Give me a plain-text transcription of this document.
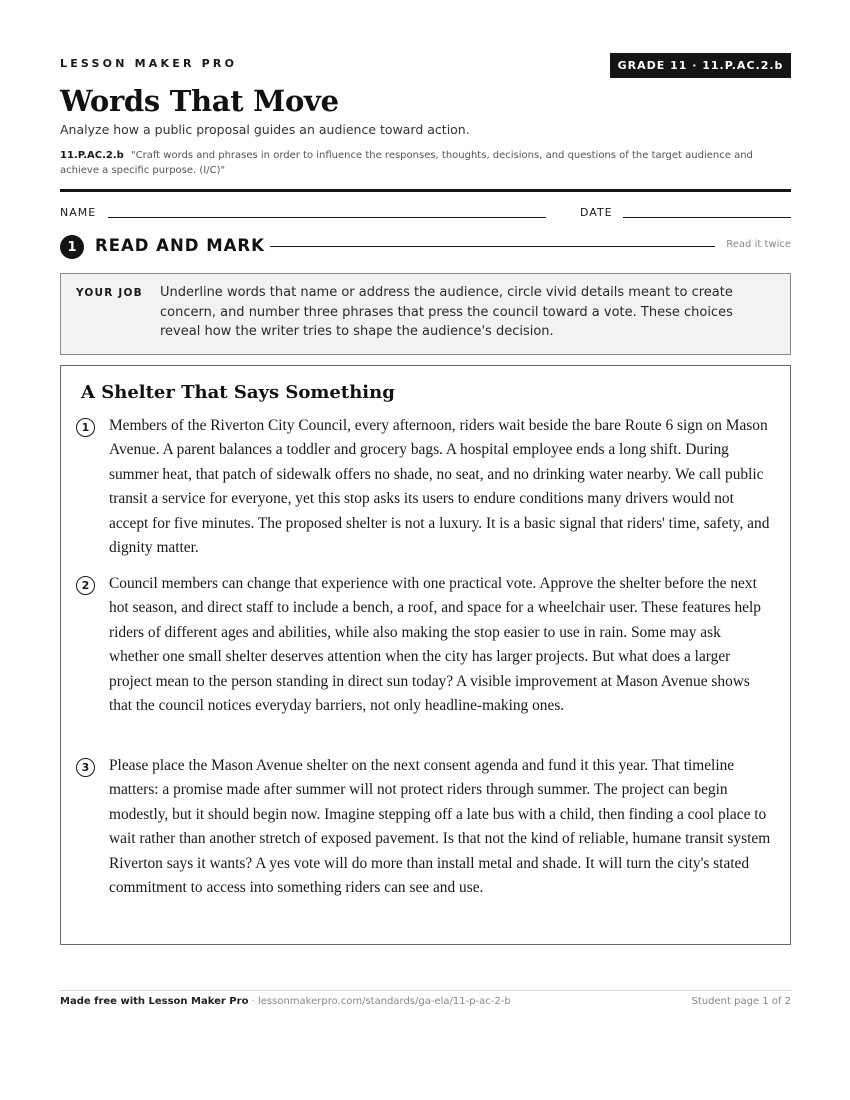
LESSON MAKER PRO	GRADE 11 · 11.P.AC.2.b
Words That Move
Analyze how a public proposal guides an audience toward action.
11.P.AC.2.b "Craft words and phrases in order to influence the responses, thoughts, decisions, and questions of the target audience and achieve a specific purpose. (I/C)"
NAME	DATE
1	READ AND MARK	Read it twice
YOUR JOB Underline words that name or address the audience, circle vivid details meant to create concern, and number three phrases that press the council toward a vote. These choices reveal how the writer tries to shape the audience's decision.
A Shelter That Says Something
1	Members of the Riverton City Council, every afternoon, riders wait beside the bare Route 6 sign on Mason Avenue. A parent balances a toddler and grocery bags. A hospital employee ends a long shift. During summer heat, that patch of sidewalk offers no shade, no seat, and no drinking water nearby. We call public transit a service for everyone, yet this stop asks its users to endure conditions many drivers would not accept for five minutes. The proposed shelter is not a luxury. It is a basic signal that riders' time, safety, and dignity matter.
2	Council members can change that experience with one practical vote. Approve the shelter before the next hot season, and direct staff to include a bench, a roof, and space for a wheelchair user. These features help riders of different ages and abilities, while also making the stop easier to use in rain. Some may ask whether one small shelter deserves attention when the city has larger projects. But what does a larger project mean to the person standing in direct sun today? A visible improvement at Mason Avenue shows that the council notices everyday barriers, not only headline-making ones.
3	Please place the Mason Avenue shelter on the next consent agenda and fund it this year. That timeline matters: a promise made after summer will not protect riders through summer. The project can begin modestly, but it should begin now. Imagine stepping off a late bus with a child, then finding a cool place to wait rather than another stretch of exposed pavement. Is that not the kind of reliable, humane transit system Riverton says it wants? A yes vote will do more than install metal and shade. It will turn the city's stated commitment to access into something riders can see and use.
Made free with Lesson Maker Pro · lessonmakerpro.com/standards/ga-ela/11-p-ac-2-b	Student page 1 of 2
